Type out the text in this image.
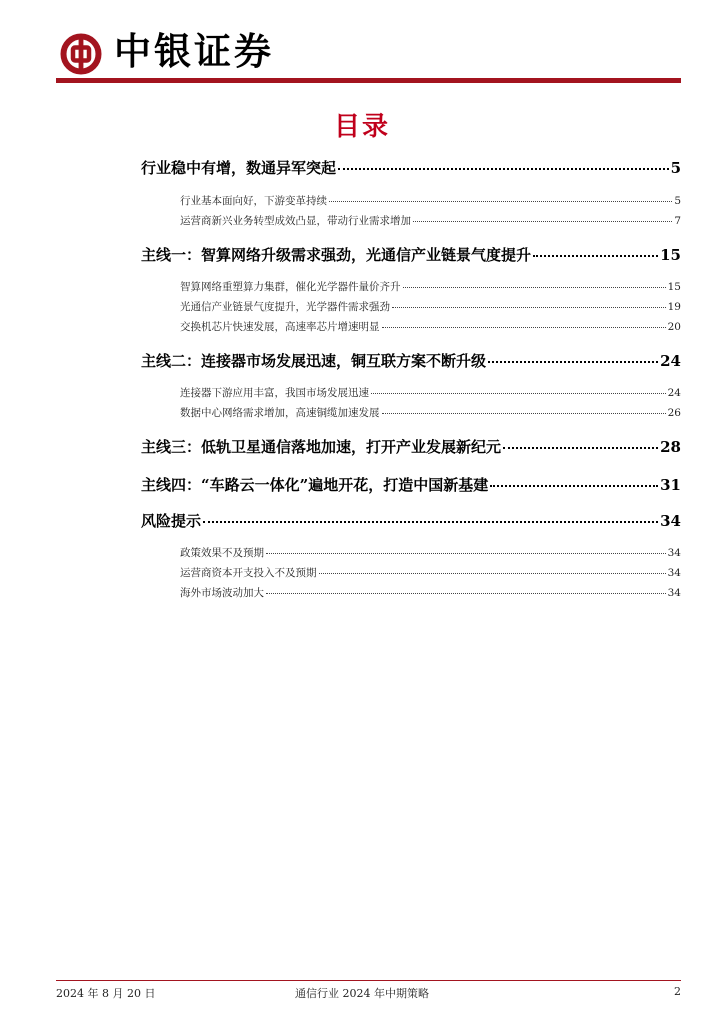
中银证券
目录
行业稳中有增，数通异军突起	5
行业基本面向好，下游变革持续	5
运营商新兴业务转型成效凸显，带动行业需求增加	7
主线一：智算网络升级需求强劲，光通信产业链景气度提升	15
智算网络重塑算力集群，催化光学器件量价齐升	15
光通信产业链景气度提升，光学器件需求强劲	19
交换机芯片快速发展，高速率芯片增速明显	20
主线二：连接器市场发展迅速，铜互联方案不断升级	24
连接器下游应用丰富，我国市场发展迅速	24
数据中心网络需求增加，高速铜缆加速发展	26
主线三：低轨卫星通信落地加速，打开产业发展新纪元	28
主线四：“车路云一体化”遍地开花，打造中国新基建	31
风险提示	34
政策效果不及预期	34
运营商资本开支投入不及预期	34
海外市场波动加大	34
2024 年 8 月 20 日	通信行业 2024 年中期策略	2
